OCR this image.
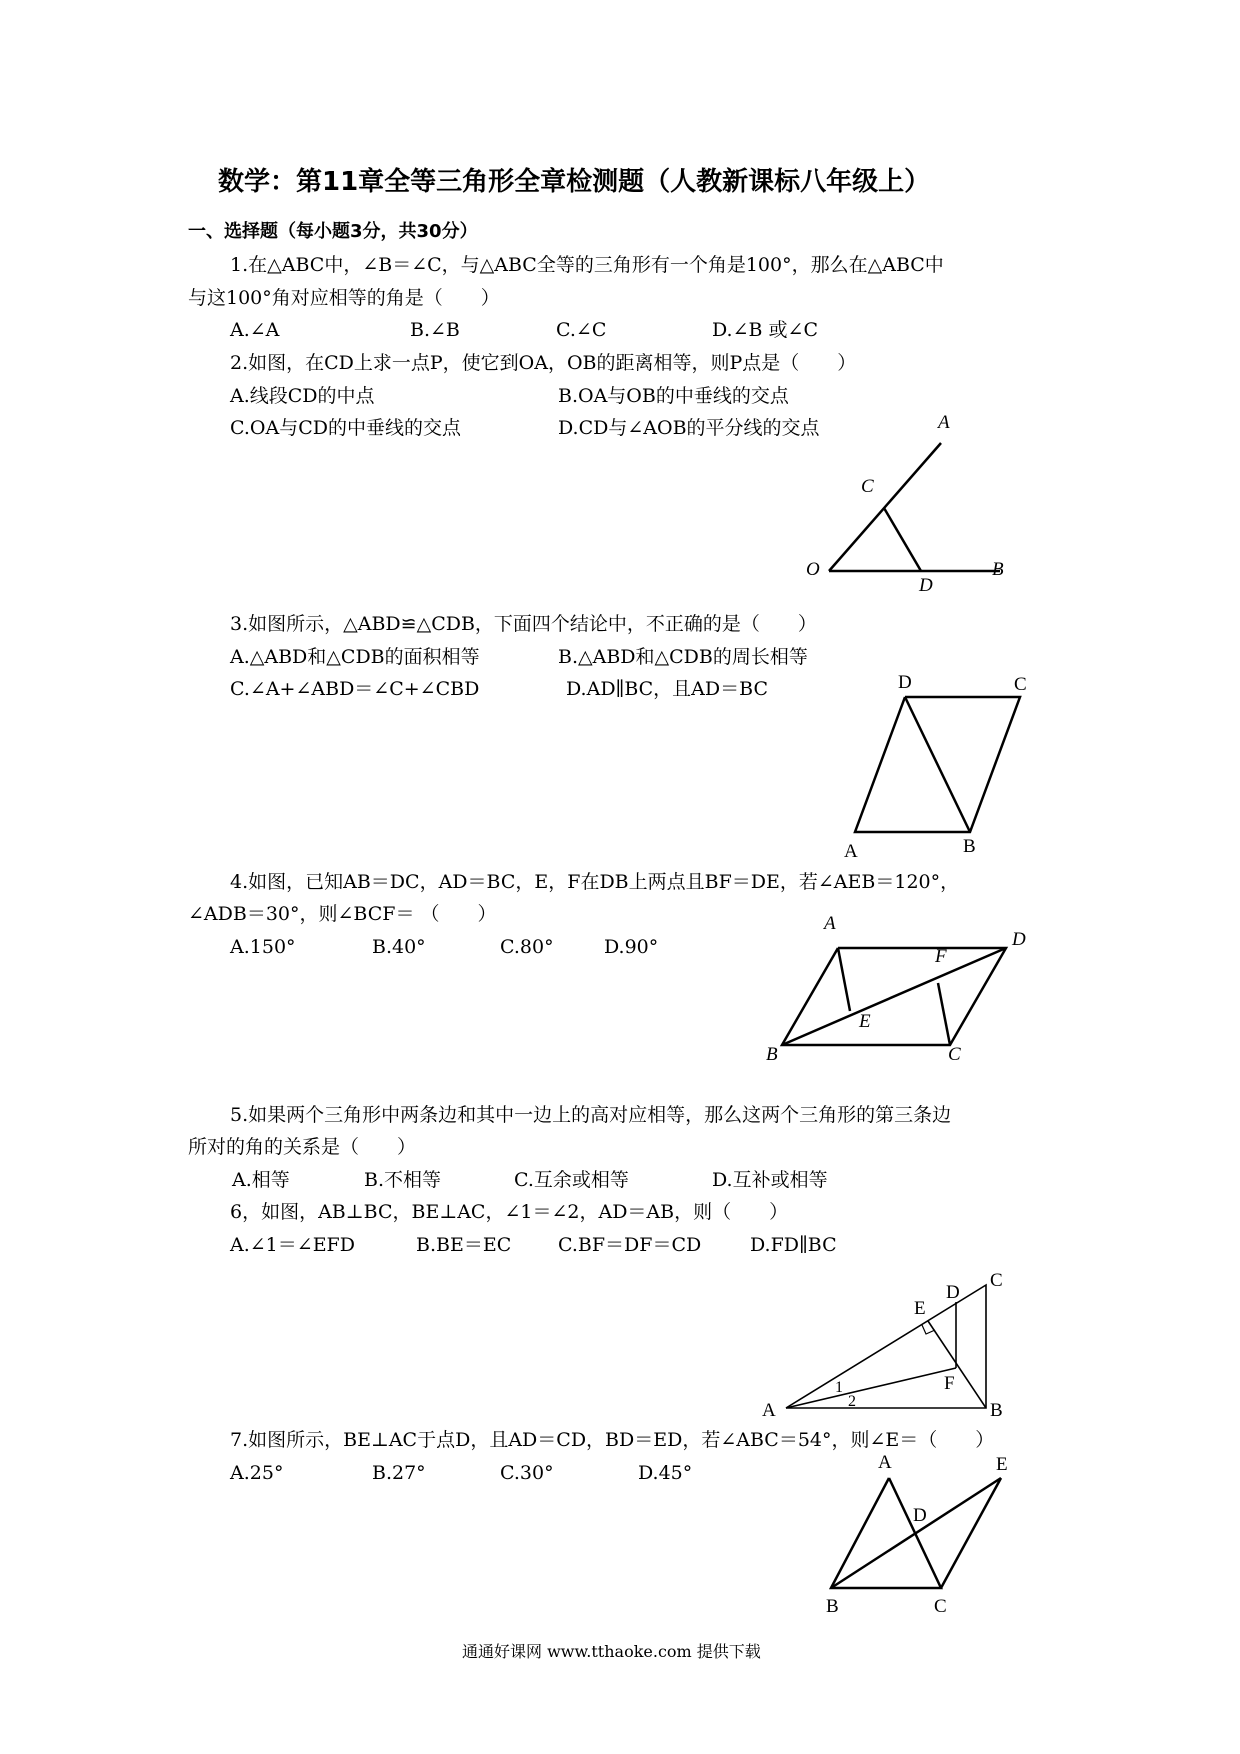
数学：第11章全等三角形全章检测题（人教新课标八年级上）
一、选择题（每小题3分，共30分）
1.在△ABC中，∠B＝∠C，与△ABC全等的三角形有一个角是100°，那么在△ABC中
与这100°角对应相等的角是（　　）
A.∠A	B.∠B	C.∠C	D.∠B 或∠C
2.如图，在CD上求一点P，使它到OA，OB的距离相等，则P点是（　　）
A.线段CD的中点	B.OA与OB的中垂线的交点
C.OA与CD的中垂线的交点	D.CD与∠AOB的平分线的交点	A
C
O
D
B
3.如图所示，△ABD≌△CDB，下面四个结论中，不正确的是（　　）
A.△ABD和△CDB的面积相等	B.△ABD和△CDB的周长相等
C.∠A+∠ABD＝∠C+∠CBD	D.AD∥BC，且AD＝BC	D	C
A	B
4.如图，已知AB＝DC，AD＝BC，E，F在DB上两点且BF＝DE，若∠AEB＝120°，
∠ADB＝30°，则∠BCF＝ （　　）
A.150°	B.40°	C.80°	D.90°
A
D
F
E
B	C
5.如果两个三角形中两条边和其中一边上的高对应相等，那么这两个三角形的第三条边
所对的角的关系是（　　）
A.相等	B.不相等	C.互余或相等	D.互补或相等
6，如图，AB⊥BC，BE⊥AC，∠1＝∠2，AD＝AB，则（　　）
A.∠1＝∠EFD	B.BE＝EC C.BF＝DF＝CD	D.FD∥BC
C
D
E
F
A	B
1
2
7.如图所示，BE⊥AC于点D，且AD＝CD，BD＝ED，若∠ABC＝54°，则∠E＝（　　）
A.25°	B.27°	C.30°	D.45°	A	E
D
B	C
通通好课网 www.tthaoke.com 提供下载
